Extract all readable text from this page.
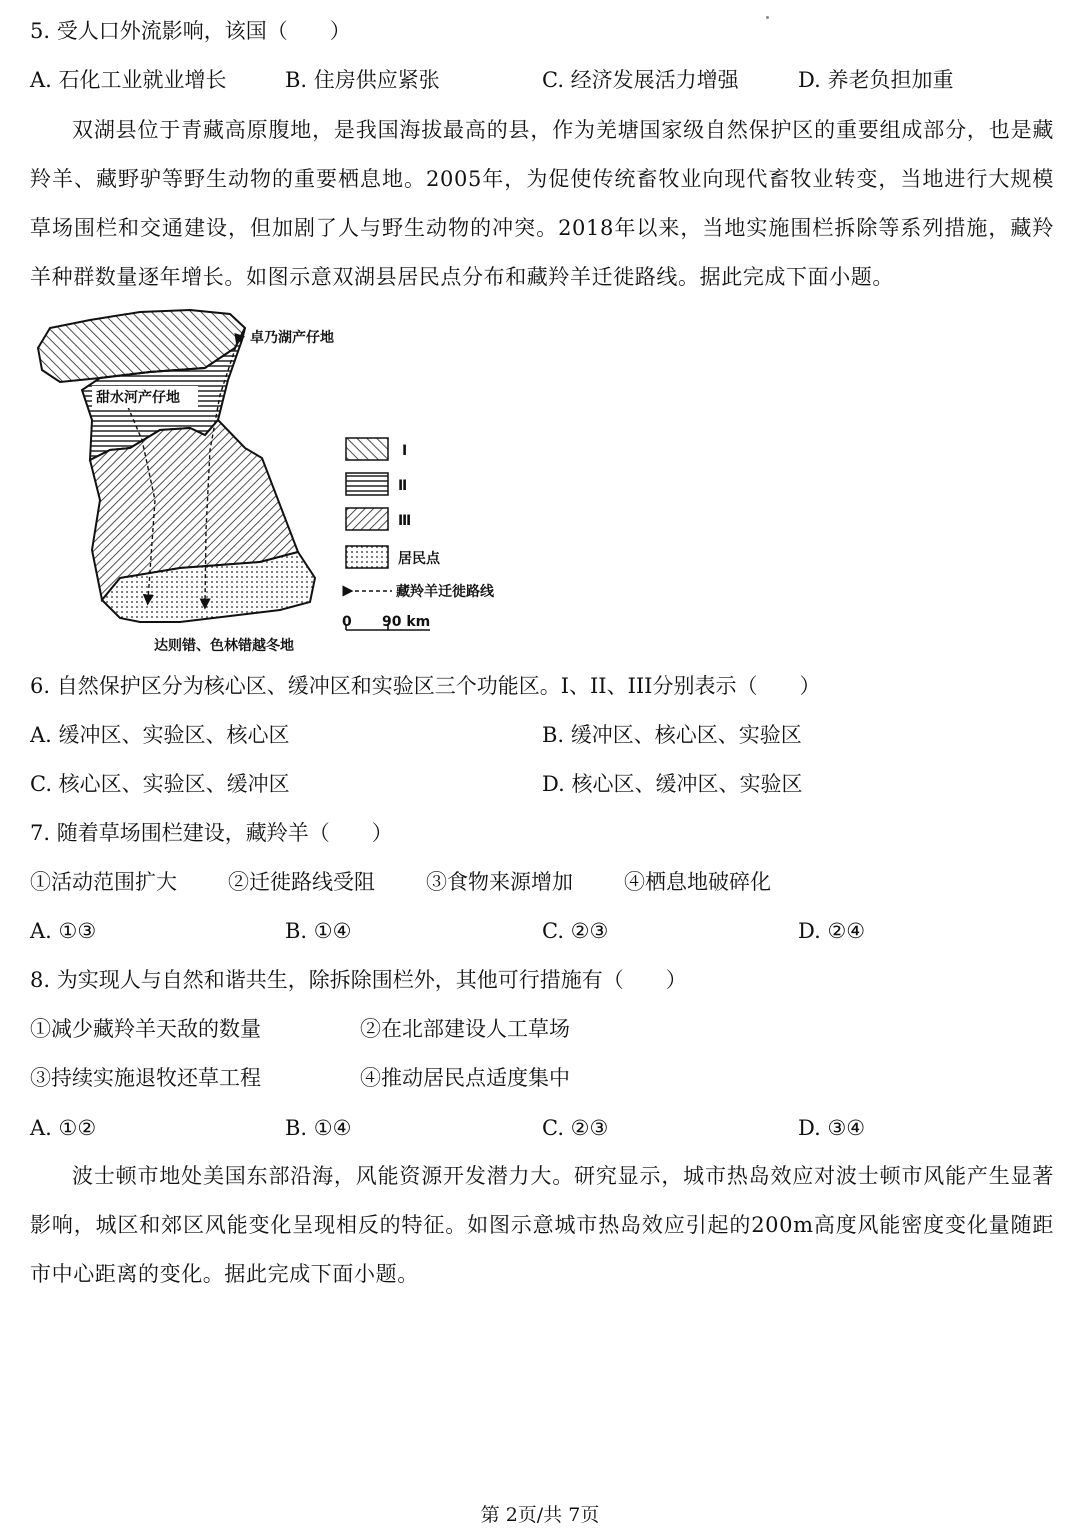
5. 受人口外流影响，该国（　　）
A. 石化工业就业增长	B. 住房供应紧张	C. 经济发展活力增强	D. 养老负担加重
双湖县位于青藏高原腹地，是我国海拔最高的县，作为羌塘国家级自然保护区的重要组成部分，也是藏羚羊、藏野驴等野生动物的重要栖息地。2005年，为促使传统畜牧业向现代畜牧业转变，当地进行大规模草场围栏和交通建设，但加剧了人与野生动物的冲突。2018年以来，当地实施围栏拆除等系列措施，藏羚羊种群数量逐年增长。如图示意双湖县居民点分布和藏羚羊迁徙路线。据此完成下面小题。
卓乃湖产仔地
甜水河产仔地
达则错、色林错越冬地
I
Ⅱ
Ⅲ
居民点
藏羚羊迁徙路线
0 90 km
6. 自然保护区分为核心区、缓冲区和实验区三个功能区。I、II、III分别表示（　　）
A. 缓冲区、实验区、核心区	B. 缓冲区、核心区、实验区
C. 核心区、实验区、缓冲区	D. 核心区、缓冲区、实验区
7. 随着草场围栏建设，藏羚羊（　　）
①活动范围扩大 ②迁徙路线受阻 ③食物来源增加 ④栖息地破碎化
A. ①③	B. ①④	C. ②③	D. ②④
8. 为实现人与自然和谐共生，除拆除围栏外，其他可行措施有（　　）
①减少藏羚羊天敌的数量	②在北部建设人工草场
③持续实施退牧还草工程	④推动居民点适度集中
A. ①②	B. ①④	C. ②③	D. ③④
波士顿市地处美国东部沿海，风能资源开发潜力大。研究显示，城市热岛效应对波士顿市风能产生显著影响，城区和郊区风能变化呈现相反的特征。如图示意城市热岛效应引起的200m高度风能密度变化量随距市中心距离的变化。据此完成下面小题。
第 2页/共 7页
